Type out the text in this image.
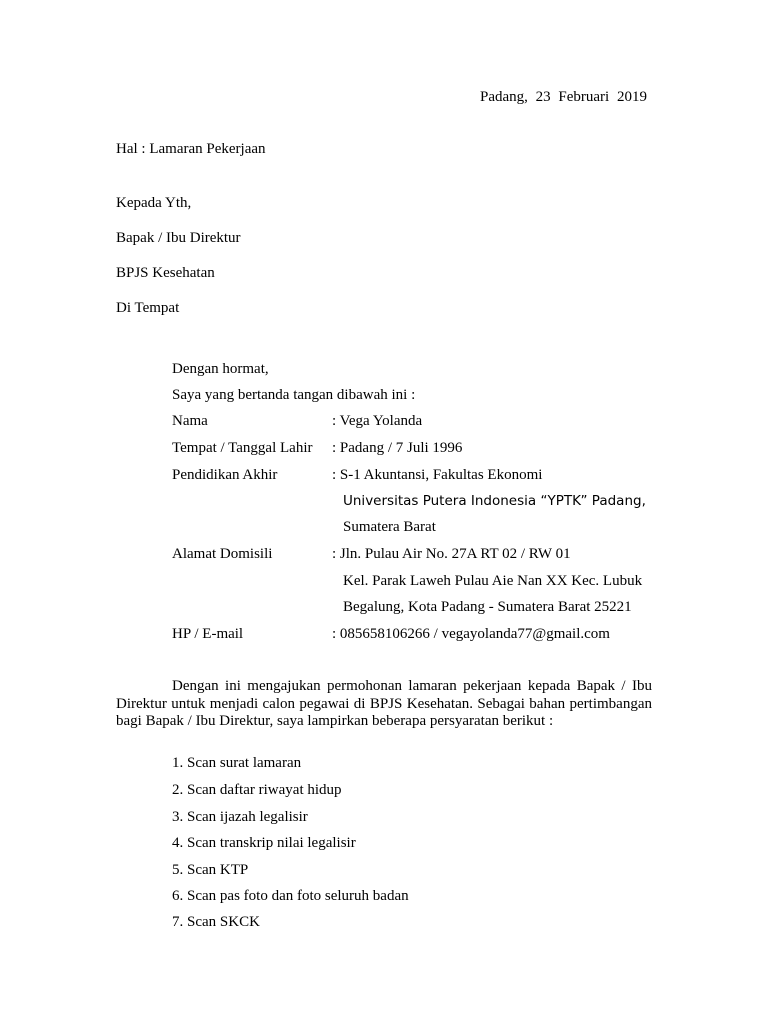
Padang, 23 Februari 2019
Hal : Lamaran Pekerjaan
Kepada Yth,
Bapak / Ibu Direktur
BPJS Kesehatan
Di Tempat
Dengan hormat,
Saya yang bertanda tangan dibawah ini :
Nama	: Vega Yolanda
Tempat / Tanggal Lahir : Padang / 7 Juli 1996
Pendidikan Akhir	: S-1 Akuntansi, Fakultas Ekonomi
Universitas Putera Indonesia “YPTK” Padang,
Sumatera Barat
Alamat Domisili	: Jln. Pulau Air No. 27A RT 02 / RW 01
Kel. Parak Laweh Pulau Aie Nan XX Kec. Lubuk
Begalung, Kota Padang - Sumatera Barat 25221
HP / E-mail	: 085658106266 / vegayolanda77@gmail.com

Dengan ini mengajukan permohonan lamaran pekerjaan kepada Bapak / Ibu Direktur untuk menjadi calon pegawai di BPJS Kesehatan. Sebagai bahan pertimbangan bagi Bapak / Ibu Direktur, saya lampirkan beberapa persyaratan berikut :

1. Scan surat lamaran
2. Scan daftar riwayat hidup
3. Scan ijazah legalisir
4. Scan transkrip nilai legalisir
5. Scan KTP
6. Scan pas foto dan foto seluruh badan
7. Scan SKCK
